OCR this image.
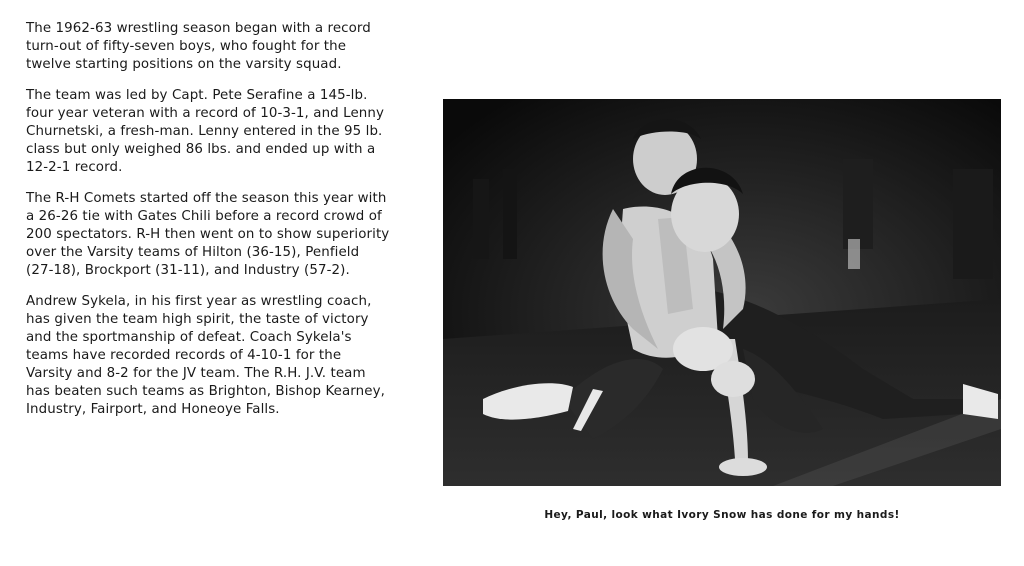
The 1962-63 wrestling season began with a record turn-out of fifty-seven boys, who fought for the twelve starting positions on the varsity squad.

The team was led by Capt. Pete Serafine a 145-lb. four year veteran with a record of 10-3-1, and Lenny Churnetski, a fresh-man. Lenny entered in the 95 lb. class but only weighed 86 lbs. and ended up with a 12-2-1 record.

The R-H Comets started off the season this year with a 26-26 tie with Gates Chili before a record crowd of 200 spectators. R-H then went on to show superiority over the Varsity teams of Hilton (36-15), Penfield (27-18), Brockport (31-11), and Industry (57-2).

Andrew Sykela, in his first year as wrestling coach, has given the team high spirit, the taste of victory and the sportmanship of defeat. Coach Sykela's teams have recorded records of 4-10-1 for the Varsity and 8-2 for the JV team. The R.H. J.V. team has beaten such teams as Brighton, Bishop Kearney, Industry, Fairport, and Honeoye Falls.

Hey, Paul, look what Ivory Snow has done for my hands!
